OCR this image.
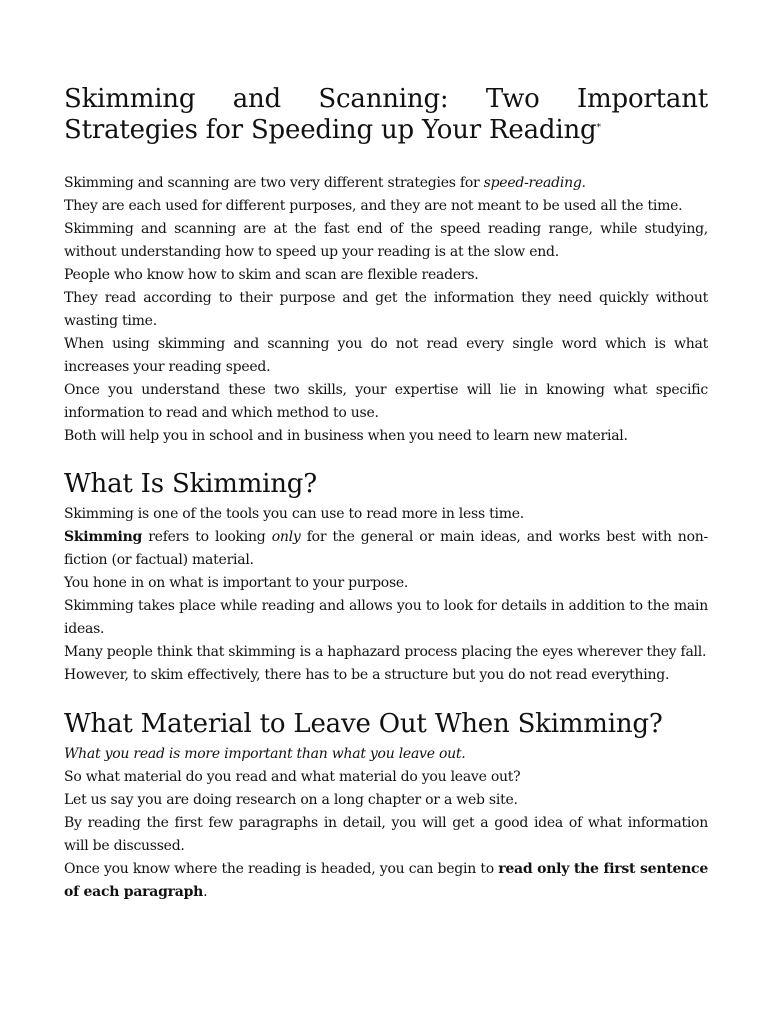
Skimming and Scanning: Two Important
Strategies for Speeding up Your Reading*

Skimming and scanning are two very different strategies for speed-reading.

They are each used for different purposes, and they are not meant to be used all the time.

Skimming and scanning are at the fast end of the speed reading range, while studying, without understanding how to speed up your reading is at the slow end.

People who know how to skim and scan are flexible readers.

They read according to their purpose and get the information they need quickly without wasting time.

When using skimming and scanning you do not read every single word which is what increases your reading speed.

Once you understand these two skills, your expertise will lie in knowing what specific information to read and which method to use.

Both will help you in school and in business when you need to learn new material.

What Is Skimming?

Skimming is one of the tools you can use to read more in less time.

Skimming refers to looking only for the general or main ideas, and works best with non-fiction (or factual) material.

You hone in on what is important to your purpose.

Skimming takes place while reading and allows you to look for details in addition to the main ideas.

Many people think that skimming is a haphazard process placing the eyes wherever they fall.

However, to skim effectively, there has to be a structure but you do not read everything.

What Material to Leave Out When Skimming?

What you read is more important than what you leave out.

So what material do you read and what material do you leave out?

Let us say you are doing research on a long chapter or a web site.

By reading the first few paragraphs in detail, you will get a good idea of what information will be discussed.

Once you know where the reading is headed, you can begin to read only the first sentence of each paragraph.
